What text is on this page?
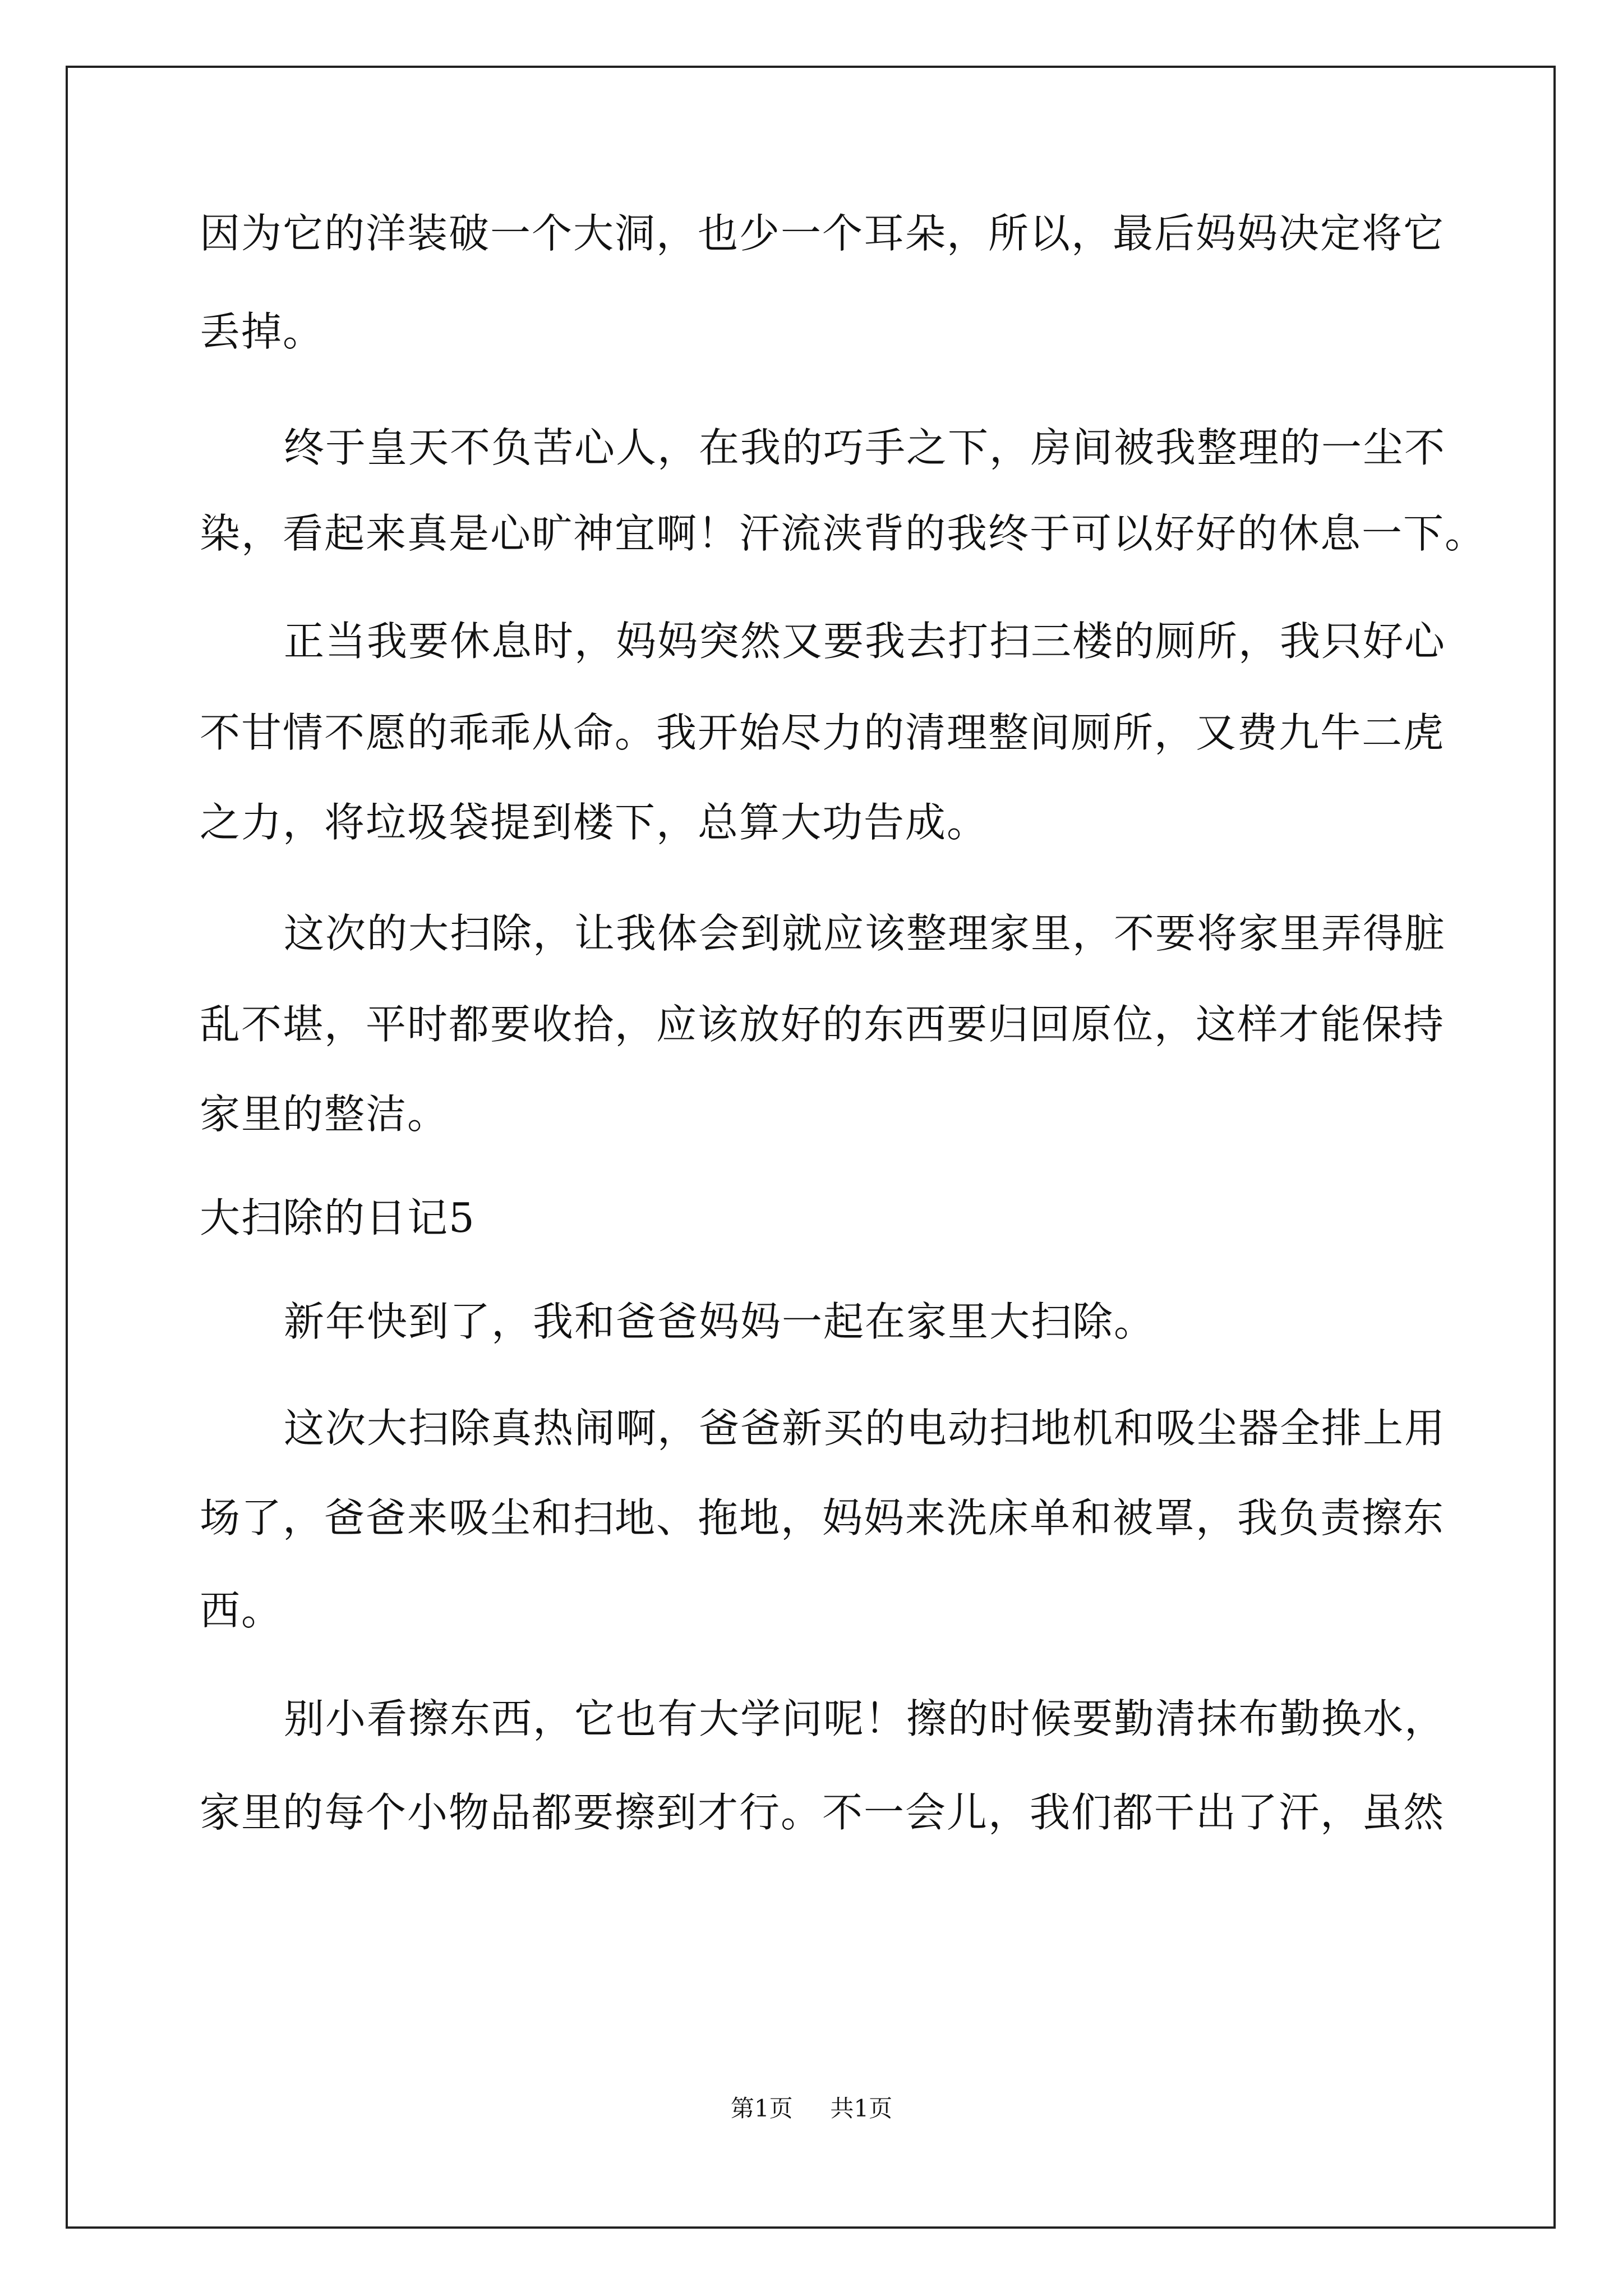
因为它的洋装破一个大洞，也少一个耳朵，所以，最后妈妈决定将它
丢掉。
终于皇天不负苦心人，在我的巧手之下，房间被我整理的一尘不
染，看起来真是心旷神宜啊！汗流浃背的我终于可以好好的休息一下。
正当我要休息时，妈妈突然又要我去打扫三楼的厕所，我只好心
不甘情不愿的乖乖从命。我开始尽力的清理整间厕所，又费九牛二虎
之力，将垃圾袋提到楼下，总算大功告成。
这次的大扫除，让我体会到就应该整理家里，不要将家里弄得脏
乱不堪，平时都要收拾，应该放好的东西要归回原位，这样才能保持
家里的整洁。
大扫除的日记5
新年快到了，我和爸爸妈妈一起在家里大扫除。
这次大扫除真热闹啊，爸爸新买的电动扫地机和吸尘器全排上用
场了，爸爸来吸尘和扫地、拖地，妈妈来洗床单和被罩，我负责擦东
西。
别小看擦东西，它也有大学问呢！擦的时候要勤清抹布勤换水，
家里的每个小物品都要擦到才行。不一会儿，我们都干出了汗，虽然
第1页 共1页
